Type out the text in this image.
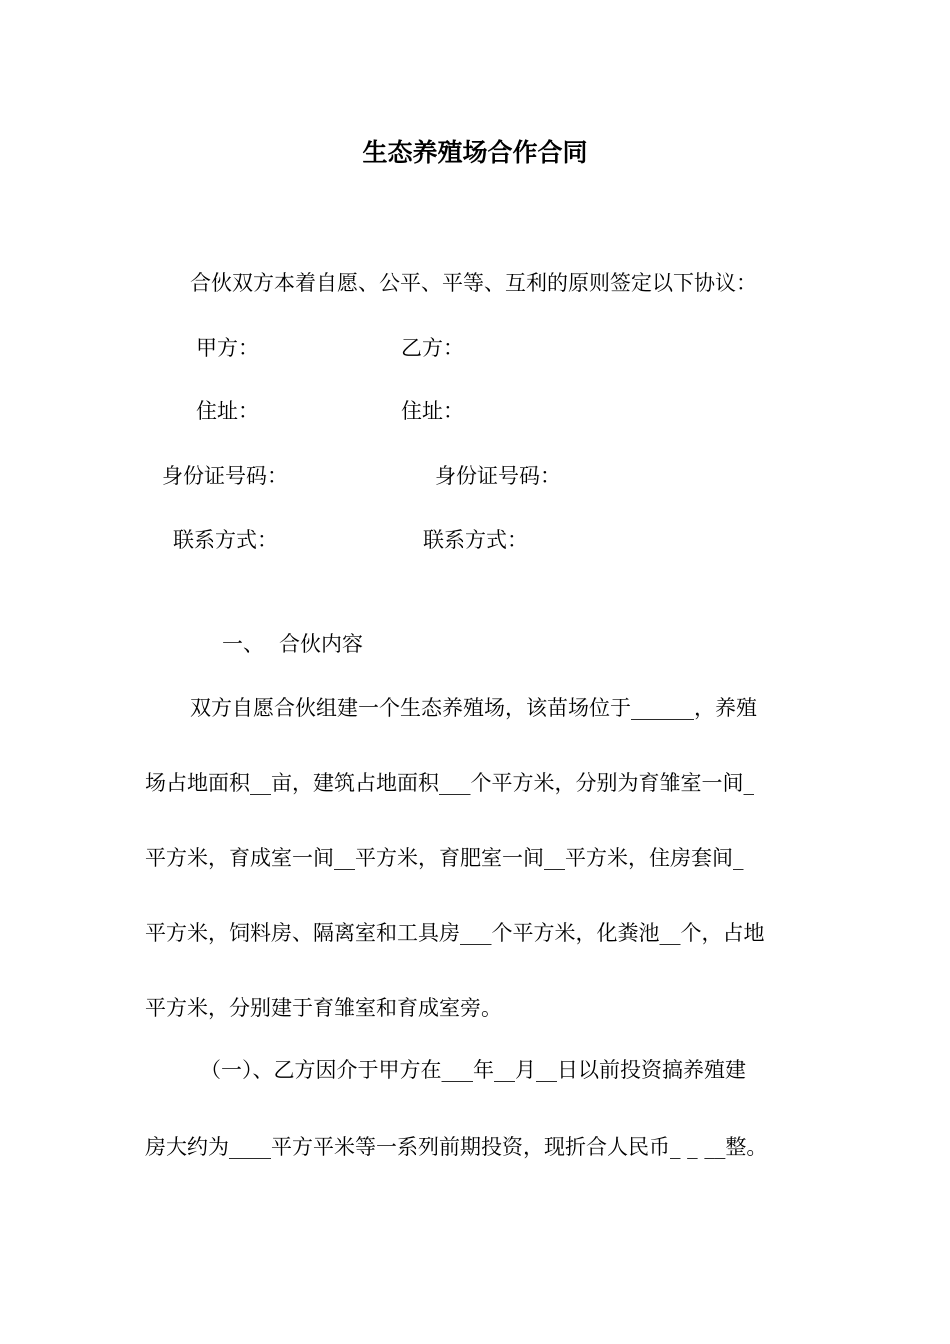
生态养殖场合作合同
合伙双方本着自愿、公平、平等、互利的原则签定以下协议：
甲方：	乙方：
住址：	住址：
身份证号码：	身份证号码：
联系方式：	联系方式：
一、 合伙内容
双方自愿合伙组建一个生态养殖场，该苗场位于______，养殖
场占地面积__亩，建筑占地面积___个平方米，分别为育雏室一间_
平方米，育成室一间__平方米，育肥室一间__平方米，住房套间_
平方米，饲料房、隔离室和工具房___个平方米，化粪池__个，占地
平方米，分别建于育雏室和育成室旁。
（一）、乙方因介于甲方在___年__月__日以前投资搞养殖建
房大约为____平方平米等一系列前期投资，现折合人民币_ _ __整。
